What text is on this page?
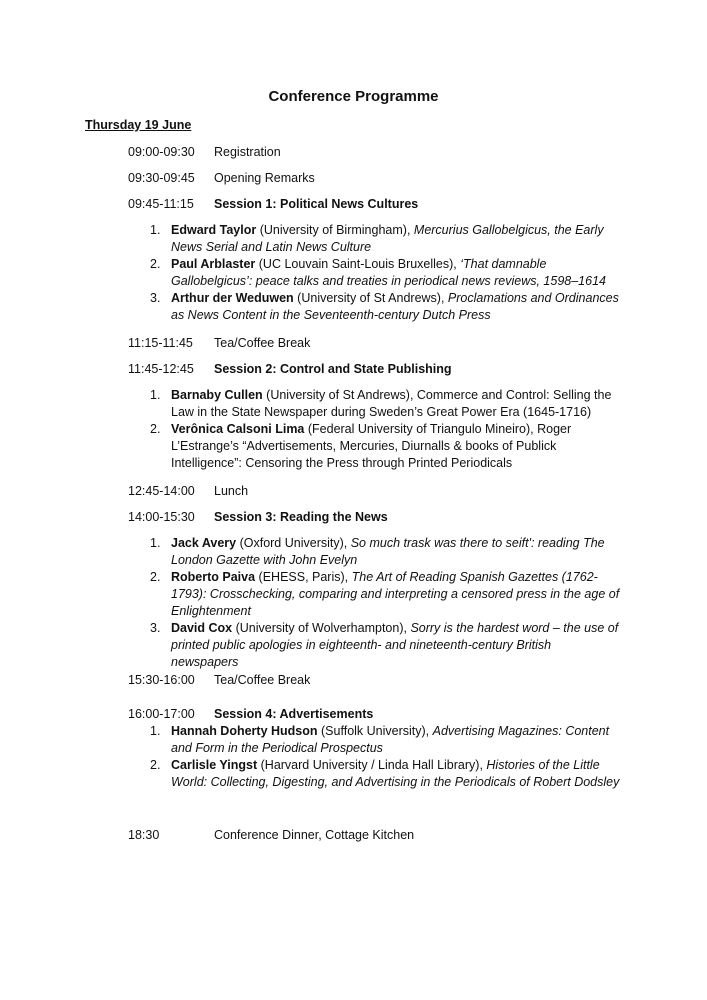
Conference Programme
Thursday 19 June
09:00-09:30	Registration
09:30-09:45	Opening Remarks
09:45-11:15	Session 1: Political News Cultures
1. Edward Taylor (University of Birmingham), Mercurius Gallobelgicus, the Early News Serial and Latin News Culture
2. Paul Arblaster (UC Louvain Saint-Louis Bruxelles), ‘That damnable Gallobelgicus’: peace talks and treaties in periodical news reviews, 1598–1614
3. Arthur der Weduwen (University of St Andrews), Proclamations and Ordinances as News Content in the Seventeenth-century Dutch Press
11:15-11:45	Tea/Coffee Break
11:45-12:45	Session 2: Control and State Publishing
1. Barnaby Cullen (University of St Andrews), Commerce and Control: Selling the Law in the State Newspaper during Sweden’s Great Power Era (1645-1716)
2. Verônica Calsoni Lima (Federal University of Triangulo Mineiro), Roger L’Estrange’s “Advertisements, Mercuries, Diurnalls & books of Publick Intelligence”: Censoring the Press through Printed Periodicals
12:45-14:00	Lunch
14:00-15:30	Session 3: Reading the News
1. Jack Avery (Oxford University), So much trask was there to seift': reading The London Gazette with John Evelyn
2. Roberto Paiva (EHESS, Paris), The Art of Reading Spanish Gazettes (1762-1793): Crosschecking, comparing and interpreting a censored press in the age of Enlightenment
3. David Cox (University of Wolverhampton), Sorry is the hardest word – the use of printed public apologies in eighteenth- and nineteenth-century British newspapers
15:30-16:00	Tea/Coffee Break
16:00-17:00	Session 4: Advertisements
1. Hannah Doherty Hudson (Suffolk University), Advertising Magazines: Content and Form in the Periodical Prospectus
2. Carlisle Yingst (Harvard University / Linda Hall Library), Histories of the Little World: Collecting, Digesting, and Advertising in the Periodicals of Robert Dodsley
18:30	Conference Dinner, Cottage Kitchen
